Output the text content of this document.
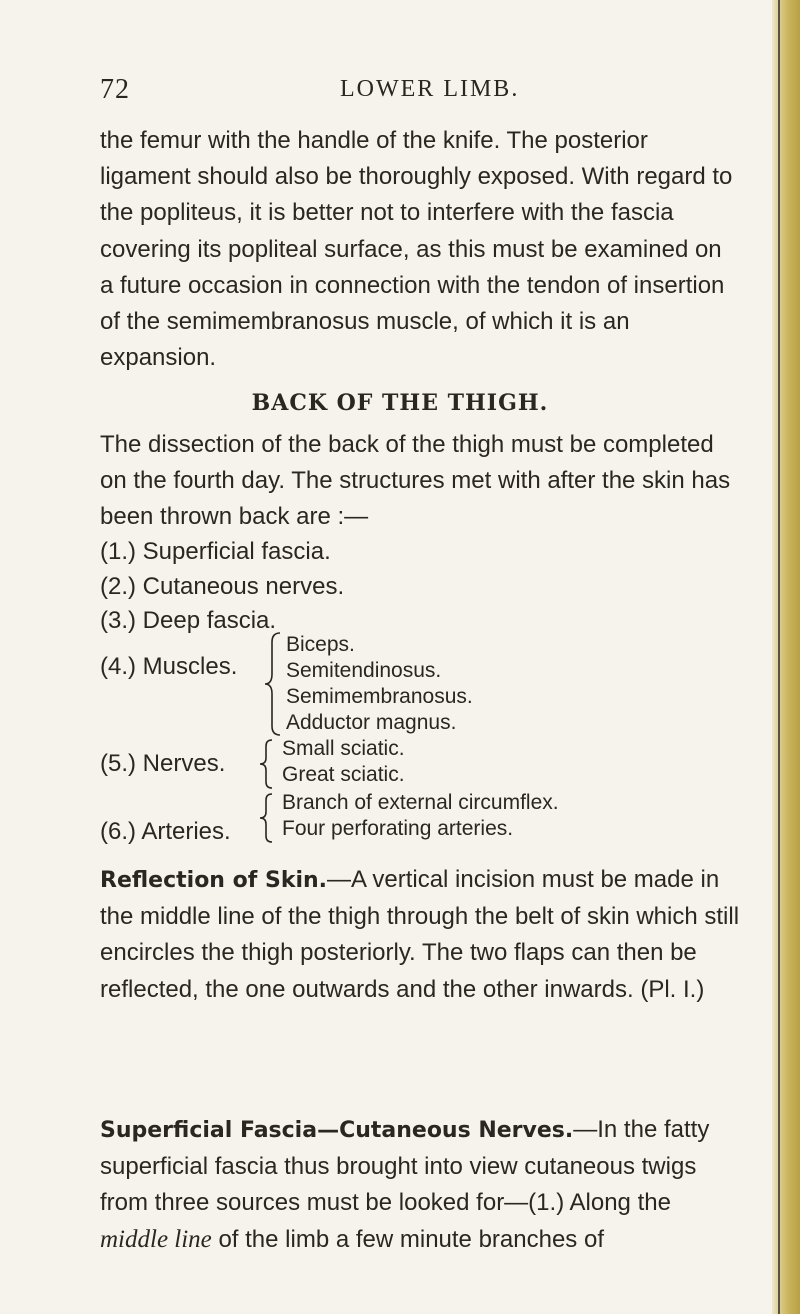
72	LOWER LIMB.

the femur with the handle of the knife. The posterior ligament should also be thoroughly exposed. With regard to the popliteus, it is better not to interfere with the fascia covering its popliteal surface, as this must be examined on a future occasion in connection with the tendon of insertion of the semimembranosus muscle, of which it is an expansion.

BACK OF THE THIGH.

The dissection of the back of the thigh must be completed on the fourth day. The structures met with after the skin has been thrown back are :—

(1.) Superficial fascia.
(2.) Cutaneous nerves.
(3.) Deep fascia.
(4.) Muscles.
Biceps.
Semitendinosus.
Semimembranosus.
Adductor magnus.
(5.) Nerves.
Small sciatic.
Great sciatic.
(6.) Arteries.
Branch of external circumflex.
Four perforating arteries.

Reflection of Skin.—A vertical incision must be made in the middle line of the thigh through the belt of skin which still encircles the thigh posteriorly. The two flaps can then be reflected, the one outwards and the other inwards. (Pl. I.)

Superficial Fascia—Cutaneous Nerves.—In the fatty superficial fascia thus brought into view cutaneous twigs from three sources must be looked for—(1.) Along the middle line of the limb a few minute branches of
